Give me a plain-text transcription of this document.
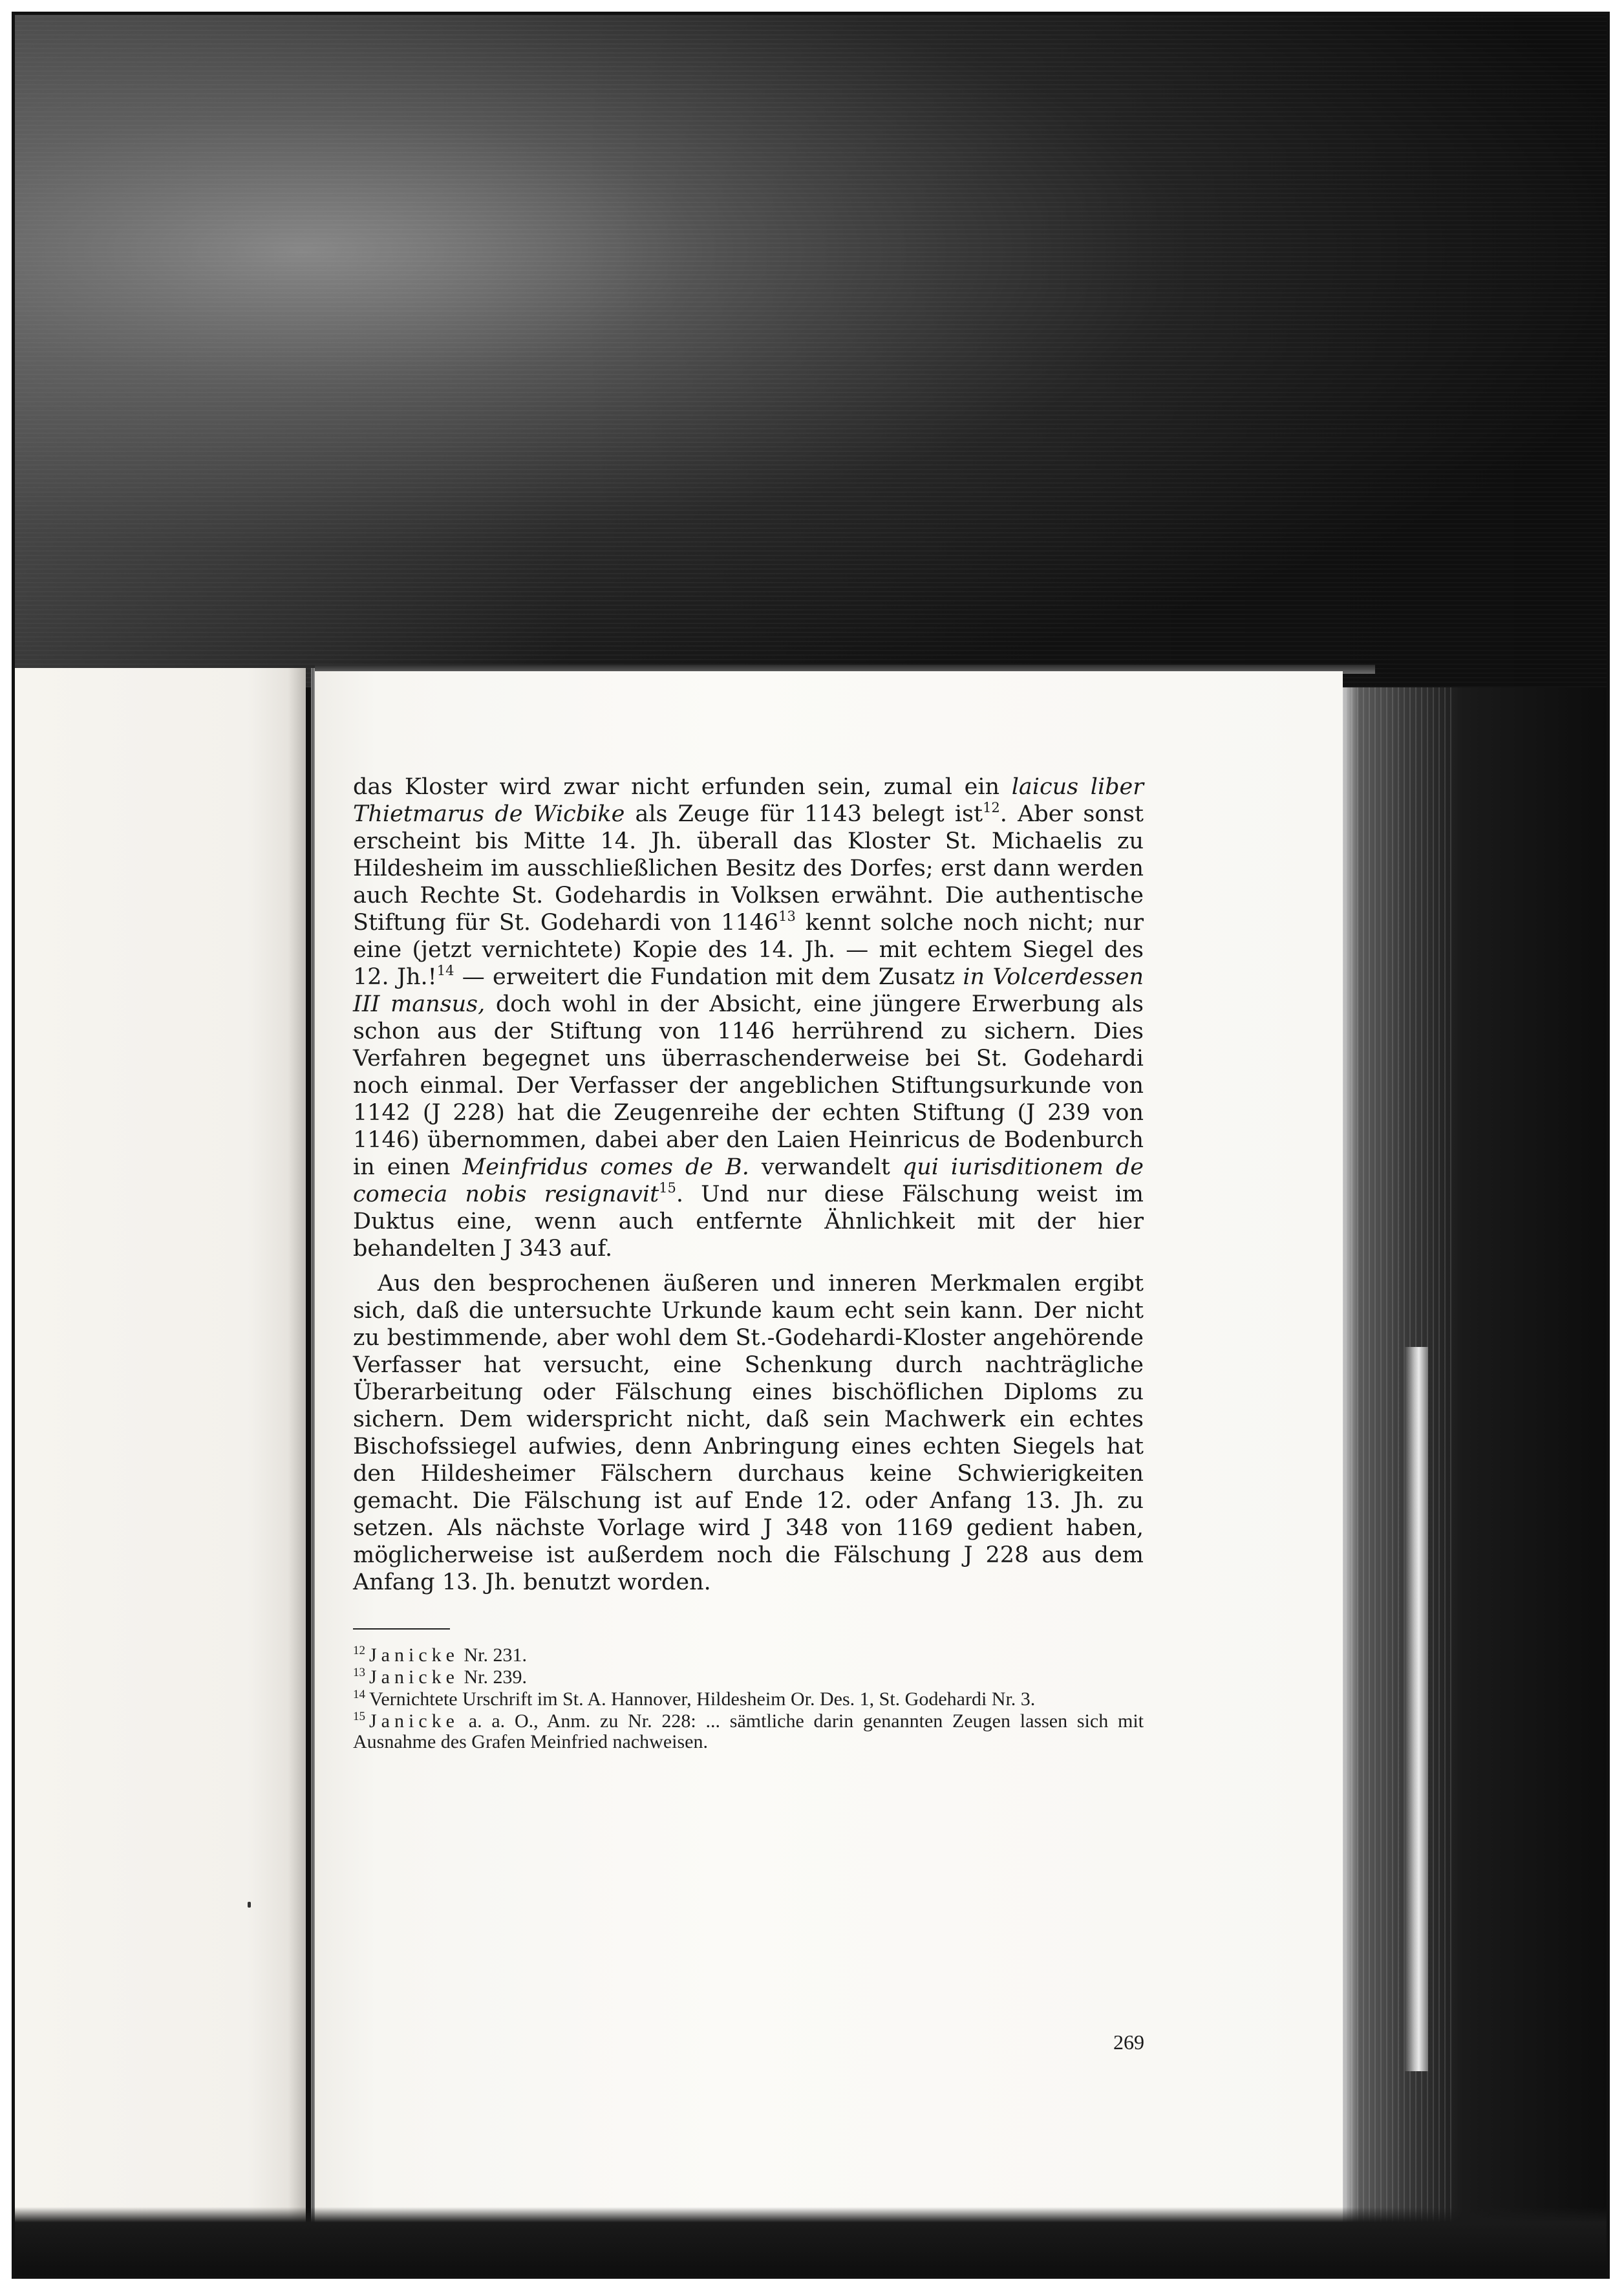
das Kloster wird zwar nicht erfunden sein, zumal ein laicus liber Thietmarus de Wicbike als Zeuge für 1143 belegt ist$^{12}$. Aber sonst erscheint bis Mitte 14. Jh. überall das Kloster St. Michaelis zu Hildesheim im ausschließlichen Besitz des Dorfes; erst dann werden auch Rechte St. Godehardis in Volksen erwähnt. Die authentische Stiftung für St. Godehardi von 1146$^{13}$ kennt solche noch nicht; nur eine (jetzt vernichtete) Kopie des 14. Jh. — mit echtem Siegel des 12. Jh.!$^{14}$ — erweitert die Fundation mit dem Zusatz in Volcerdessen III mansus, doch wohl in der Absicht, eine jüngere Erwerbung als schon aus der Stiftung von 1146 herrührend zu sichern. Dies Verfahren begegnet uns überraschenderweise bei St. Godehardi noch einmal. Der Verfasser der angeblichen Stiftungsurkunde von 1142 (J 228) hat die Zeugenreihe der echten Stiftung (J 239 von 1146) übernommen, dabei aber den Laien Heinricus de Bodenburch in einen Meinfridus comes de B. verwandelt qui iurisditionem de comecia nobis resignavit$^{15}$. Und nur diese Fälschung weist im Duktus eine, wenn auch entfernte Ähnlichkeit mit der hier behandelten J 343 auf.

Aus den besprochenen äußeren und inneren Merkmalen ergibt sich, daß die untersuchte Urkunde kaum echt sein kann. Der nicht zu bestimmende, aber wohl dem St.-Godehardi-Kloster angehörende Verfasser hat versucht, eine Schenkung durch nachträgliche Überarbeitung oder Fälschung eines bischöflichen Diploms zu sichern. Dem widerspricht nicht, daß sein Machwerk ein echtes Bischofssiegel aufwies, denn Anbringung eines echten Siegels hat den Hildesheimer Fälschern durchaus keine Schwierigkeiten gemacht. Die Fälschung ist auf Ende 12. oder Anfang 13. Jh. zu setzen. Als nächste Vorlage wird J 348 von 1169 gedient haben, möglicherweise ist außerdem noch die Fälschung J 228 aus dem Anfang 13. Jh. benutzt worden.

$^{12}$ Janicke Nr. 231.

$^{13}$ Janicke Nr. 239.

$^{14}$ Vernichtete Urschrift im St. A. Hannover, Hildesheim Or. Des. 1, St. Godehardi Nr. 3.

$^{15}$ Janicke a. a. O., Anm. zu Nr. 228: ... sämtliche darin genannten Zeugen lassen sich mit Ausnahme des Grafen Meinfried nachweisen.

269
